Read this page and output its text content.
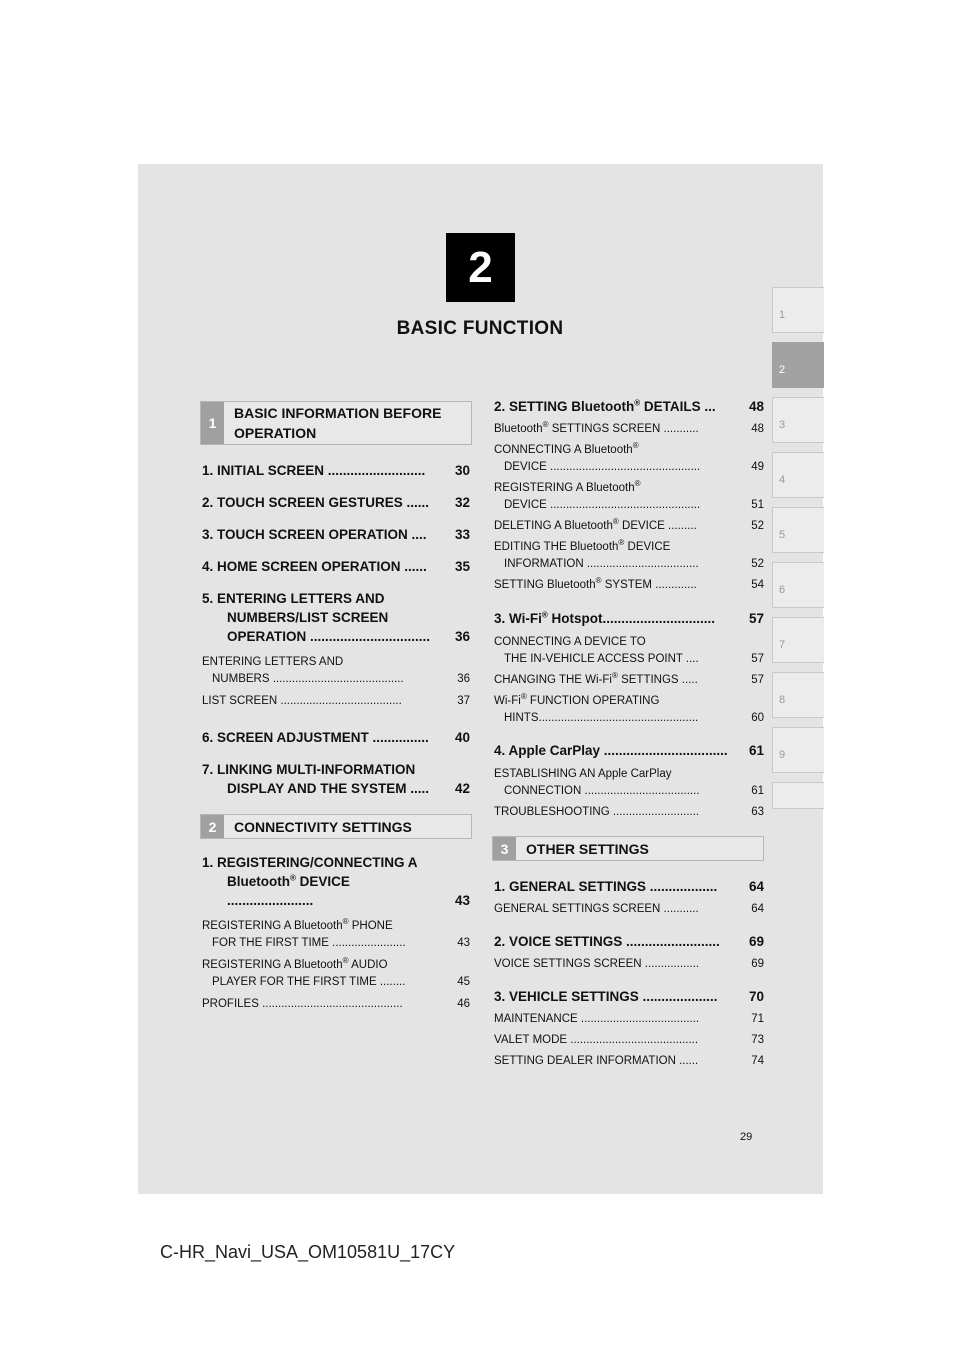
2
BASIC FUNCTION
1
2
3
4
5
6
7
8
9
1
BASIC INFORMATION BEFORE OPERATION
1. INITIAL SCREEN .......................... 30
2. TOUCH SCREEN GESTURES ...... 32
3. TOUCH SCREEN OPERATION .... 33
4. HOME SCREEN OPERATION ...... 35
5. ENTERING LETTERS AND
NUMBERS/LIST SCREEN
OPERATION ................................	36
ENTERING LETTERS AND
NUMBERS .........................................	36
LIST SCREEN ......................................	37
6. SCREEN ADJUSTMENT ............... 40
7. LINKING MULTI-INFORMATION
DISPLAY AND THE SYSTEM .....	42
2	CONNECTIVITY SETTINGS
1. REGISTERING/CONNECTING A
Bluetooth® DEVICE .......................	43
REGISTERING A Bluetooth® PHONE
FOR THE FIRST TIME .......................	43
REGISTERING A Bluetooth® AUDIO
PLAYER FOR THE FIRST TIME ........	45
PROFILES ............................................	46
2. SETTING Bluetooth® DETAILS ... 48
Bluetooth® SETTINGS SCREEN ...........	48
CONNECTING A Bluetooth®
DEVICE ...............................................	49
REGISTERING A Bluetooth®
DEVICE ...............................................	51
DELETING A Bluetooth® DEVICE .........	52
EDITING THE Bluetooth® DEVICE
INFORMATION ...................................	52
SETTING Bluetooth® SYSTEM .............	54
3. Wi-Fi® Hotspot..............................	57
CONNECTING A DEVICE TO
THE IN-VEHICLE ACCESS POINT ....	57
CHANGING THE Wi-Fi® SETTINGS .....	57
Wi-Fi® FUNCTION OPERATING
HINTS..................................................	60
4. Apple CarPlay ................................. 61
ESTABLISHING AN Apple CarPlay
CONNECTION ....................................	61
TROUBLESHOOTING ...........................	63
3	OTHER SETTINGS
1. GENERAL SETTINGS .................. 64
GENERAL SETTINGS SCREEN ...........	64
2. VOICE SETTINGS ......................... 69
VOICE SETTINGS SCREEN .................	69
3. VEHICLE SETTINGS .................... 70
MAINTENANCE .....................................	71
VALET MODE ........................................	73
SETTING DEALER INFORMATION ......	74
29
C-HR_Navi_USA_OM10581U_17CY
